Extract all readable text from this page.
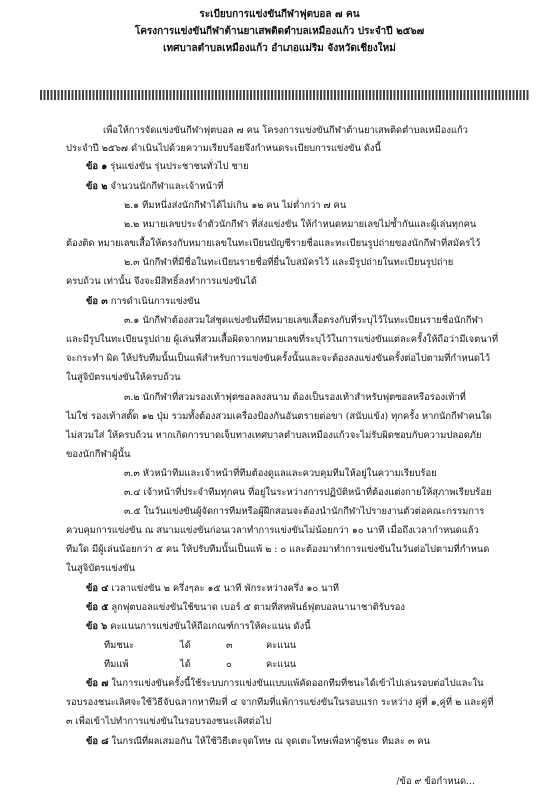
ระเบียบการแข่งขันกีฬาฟุตบอล ๗ คน
โครงการแข่งขันกีฬาต้านยาเสพติดตำบลเหมืองแก้ว ประจำปี ๒๕๖๗
เทศบาลตำบลเหมืองแก้ว อำเภอแม่ริม จังหวัดเชียงใหม่
เพื่อให้การจัดแข่งขันกีฬาฟุตบอล ๗ คน โครงการแข่งขันกีฬาต้านยาเสพติดตำบลเหมืองแก้ว
ประจำปี ๒๕๖๗ ดำเนินไปด้วยความเรียบร้อยจึงกำหนดระเบียบการแข่งขัน ดังนี้
ข้อ ๑ รุ่นแข่งขัน รุ่นประชาชนทั่วไป ชาย
ข้อ ๒ จำนวนนักกีฬาและเจ้าหน้าที่
๒.๑ ทีมหนึ่งส่งนักกีฬาได้ไม่เกิน ๑๒ คน ไม่ต่ำกว่า ๗ คน
๒.๒ หมายเลขประจำตัวนักกีฬา ที่ส่งแข่งขัน ให้กำหนดหมายเลขไม่ซ้ำกันและผู้เล่นทุกคน
ต้องติด หมายเลขเสื้อให้ตรงกับหมายเลขในทะเบียนบัญชีรายชื่อและทะเบียนรูปถ่ายของนักกีฬาที่สมัครไว้
๒.๓ นักกีฬาที่มีชื่อในทะเบียนรายชื่อที่ยื่นใบสมัครไว้ และมีรูปถ่ายในทะเบียนรูปถ่าย
ครบถ้วน เท่านั้น จึงจะมีสิทธิ์ลงทำการแข่งขันได้
ข้อ ๓ การดำเนินการแข่งขัน
๓.๑ นักกีฬาต้องสวมใส่ชุดแข่งขันที่มีหมายเลขเสื้อตรงกับที่ระบุไว้ในทะเบียนรายชื่อนักกีฬา
และมีรูปในทะเบียนรูปถ่าย ผู้เล่นที่สวมเสื้อผิดจากหมายเลขที่ระบุไว้ในการแข่งขันแต่ละครั้งให้ถือว่ามีเจตนาที่
จะกระทำ ผิด ให้ปรับทีมนั้นเป็นแพ้สำหรับการแข่งขันครั้งนั้นและจะต้องลงแข่งขันครั้งต่อไปตามที่กำหนดไว้
ในสูจิบัตรแข่งขันให้ครบถ้วน
๓.๒ นักกีฬาที่สวมรองเท้าฟุตซอลลงสนาม ต้องเป็นรองเท้าสำหรับฟุตซอลหรือรองเท้าที่
ไม่ใช่ รองเท้าสตั๊ด ๑๒ ปุ่ม รวมทั้งต้องสวมเครื่องป้องกันอันตรายต่อขา (สนับแข้ง) ทุกครั้ง หากนักกีฬาคนใด
ไม่สวมใส่ ให้ครบถ้วน หากเกิดการบาดเจ็บทางเทศบาลตำบลเหมืองแก้วจะไม่รับผิดชอบกับความปลอดภัย
ของนักกีฬาผู้นั้น
๓.๓ หัวหน้าทีมและเจ้าหน้าที่ทีมต้องดูแลและควบคุมทีมให้อยู่ในความเรียบร้อย
๓.๔ เจ้าหน้าที่ประจำทีมทุกคน ที่อยู่ในระหว่างการปฏิบัติหน้าที่ต้องแต่งกายให้สุภาพเรียบร้อย
๓.๕ ในวันแข่งขันผู้จัดการทีมหรือผู้ฝึกสอนจะต้องนำนักกีฬาไปรายงานตัวต่อคณะกรรมการ
ควบคุมการแข่งขัน ณ สนามแข่งขันก่อนเวลาทำการแข่งขันไม่น้อยกว่า ๑๐ นาที เมื่อถึงเวลากำหนดแล้ว
ทีมใด มีผู้เล่นน้อยกว่า ๕ คน ให้ปรับทีมนั้นเป็นแพ้ ๒ : ๐ และต้องมาทำการแข่งขันในวันต่อไปตามที่กำหนด
ในสูจิบัตรแข่งขัน
ข้อ ๔ เวลาแข่งขัน ๒ ครึ่งๆละ ๑๕ นาที พักระหว่างครึ่ง ๑๐ นาที
ข้อ ๕ ลูกฟุตบอลแข่งขันใช้ขนาด เบอร์ ๕ ตามที่สหพันธ์ฟุตบอลนานาชาติรับรอง
ข้อ ๖ คะแนนการแข่งขันให้ถือเกณฑ์การให้คะแนน ดังนี้
ทีมชนะ	ได้	๓	คะแนน
ทีมแพ้	ได้	๐	คะแนน
ข้อ ๗ ในการแข่งขันครั้งนี้ใช้ระบบการแข่งขันแบบแพ้คัดออกทีมที่ชนะได้เข้าไปเล่นรอบต่อไปและใน
รอบรองชนะเลิศจะใช้วิธีจับฉลากหาทีมที่ ๔ จากทีมที่แพ้การแข่งขันในรอบแรก ระหว่าง คู่ที่ ๑,คู่ที่ ๒ และคู่ที่
๓ เพื่อเข้าไปทำการแข่งขันในรอบรองชนะเลิศต่อไป
ข้อ ๘ ในกรณีที่ผลเสมอกัน ให้ใช้วิธีเตะจุดโทษ ณ จุดเตะโทษเพื่อหาผู้ชนะ ทีมละ ๓ คน
/ข้อ ๙ ข้อกำหนด...
